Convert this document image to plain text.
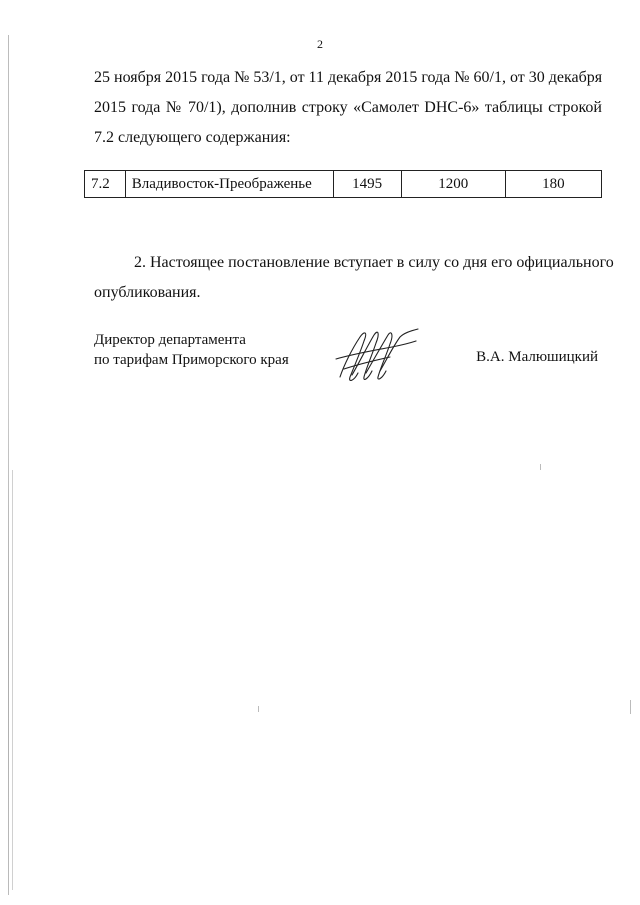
2
25 ноября 2015 года № 53/1, от 11 декабря 2015 года № 60/1, от 30 декабря
2015 года № 70/1), дополнив строку «Самолет DHC-6» таблицы строкой
7.2 следующего содержания:
7.2	Владивосток-Преображенье	1495	1200	180
2. Настоящее постановление вступает в силу со дня его официального
опубликования.
Директор департамента
по тарифам Приморского края	В.А. Малюшицкий
